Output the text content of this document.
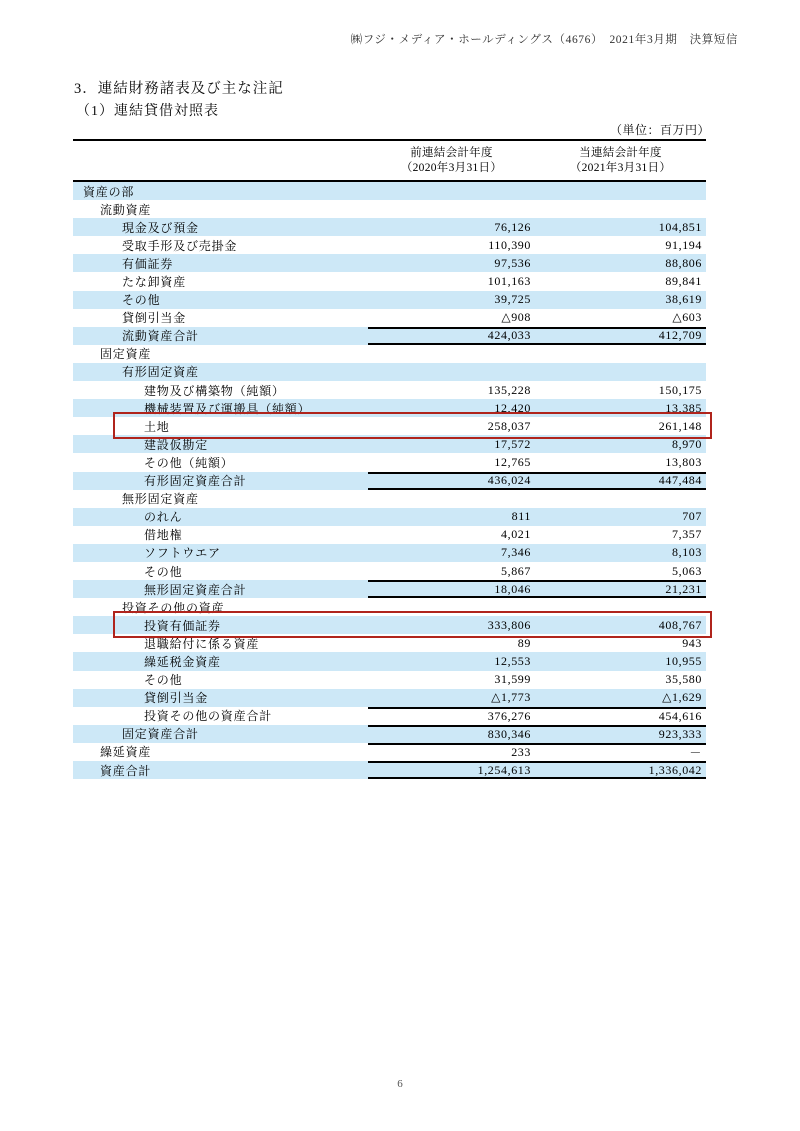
㈱フジ・メディア・ホールディングス（4676）　2021年3月期　決算短信
3．連結財務諸表及び主な注記
（1）連結貸借対照表
（単位：百万円）
前連結会計年度
（2020年3月31日）
当連結会計年度
（2021年3月31日）
資産の部
流動資産
現金及び預金	76,126	104,851
受取手形及び売掛金	110,390	91,194
有価証券	97,536	88,806
たな卸資産	101,163	89,841
その他	39,725	38,619
貸倒引当金	△908	△603
流動資産合計	424,033	412,709
固定資産
有形固定資産
建物及び構築物（純額）	135,228	150,175
機械装置及び運搬具（純額）	12,420	13,385
土地	258,037	261,148
建設仮勘定	17,572	8,970
その他（純額）	12,765	13,803
有形固定資産合計	436,024	447,484
無形固定資産
のれん	811	707
借地権	4,021	7,357
ソフトウエア	7,346	8,103
その他	5,867	5,063
無形固定資産合計	18,046	21,231
投資その他の資産
投資有価証券	333,806	408,767
退職給付に係る資産	89	943
繰延税金資産	12,553	10,955
その他	31,599	35,580
貸倒引当金	△1,773	△1,629
投資その他の資産合計	376,276	454,616
固定資産合計	830,346	923,333
繰延資産	233	－
資産合計	1,254,613	1,336,042
6
